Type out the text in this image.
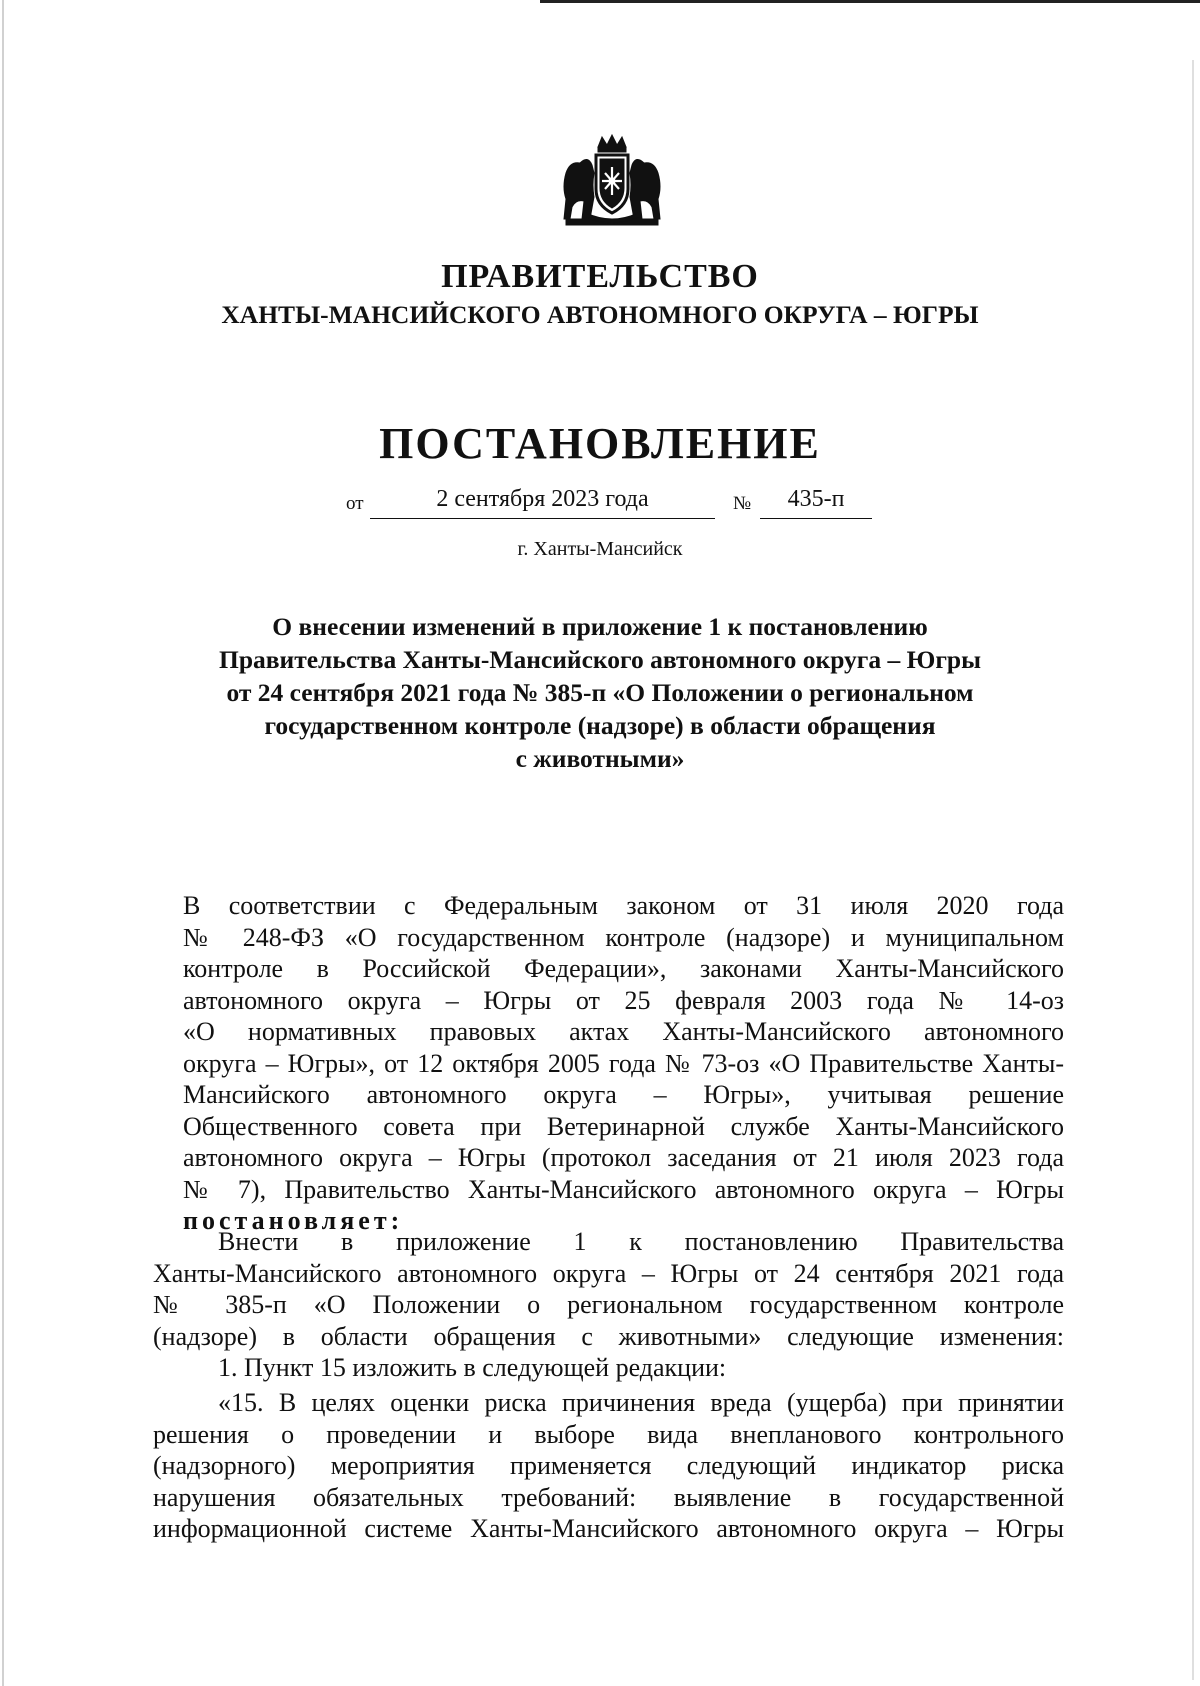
ПРАВИТЕЛЬСТВО
ХАНТЫ-МАНСИЙСКОГО АВТОНОМНОГО ОКРУГА – ЮГРЫ
ПОСТАНОВЛЕНИЕ
от	2 сентября 2023 года	№	435-п
г. Ханты-Мансийск
О внесении изменений в приложение 1 к постановлению
Правительства Ханты-Мансийского автономного округа – Югры
от 24 сентября 2021 года № 385-п «О Положении о региональном
государственном контроле (надзоре) в области обращения
с животными»
В соответствии с Федеральным законом от 31 июля 2020 года
№ 248-ФЗ «О государственном контроле (надзоре) и муниципальном
контроле в Российской Федерации», законами Ханты-Мансийского
автономного округа – Югры от 25 февраля 2003 года № 14-оз
«О нормативных правовых актах Ханты-Мансийского автономного
округа – Югры», от 12 октября 2005 года № 73-оз «О Правительстве Ханты-
Мансийского автономного округа – Югры», учитывая решение
Общественного совета при Ветеринарной службе Ханты-Мансийского
автономного округа – Югры (протокол заседания от 21 июля 2023 года
№ 7), Правительство Ханты-Мансийского автономного округа – Югры
постановляет:
Внести в приложение 1 к постановлению Правительства
Ханты-Мансийского автономного округа – Югры от 24 сентября 2021 года
№ 385-п «О Положении о региональном государственном контроле
(надзоре) в области обращения с животными» следующие изменения:
1. Пункт 15 изложить в следующей редакции:
«15. В целях оценки риска причинения вреда (ущерба) при принятии
решения о проведении и выборе вида внепланового контрольного
(надзорного) мероприятия применяется следующий индикатор риска
нарушения обязательных требований: выявление в государственной
информационной системе Ханты-Мансийского автономного округа – Югры
